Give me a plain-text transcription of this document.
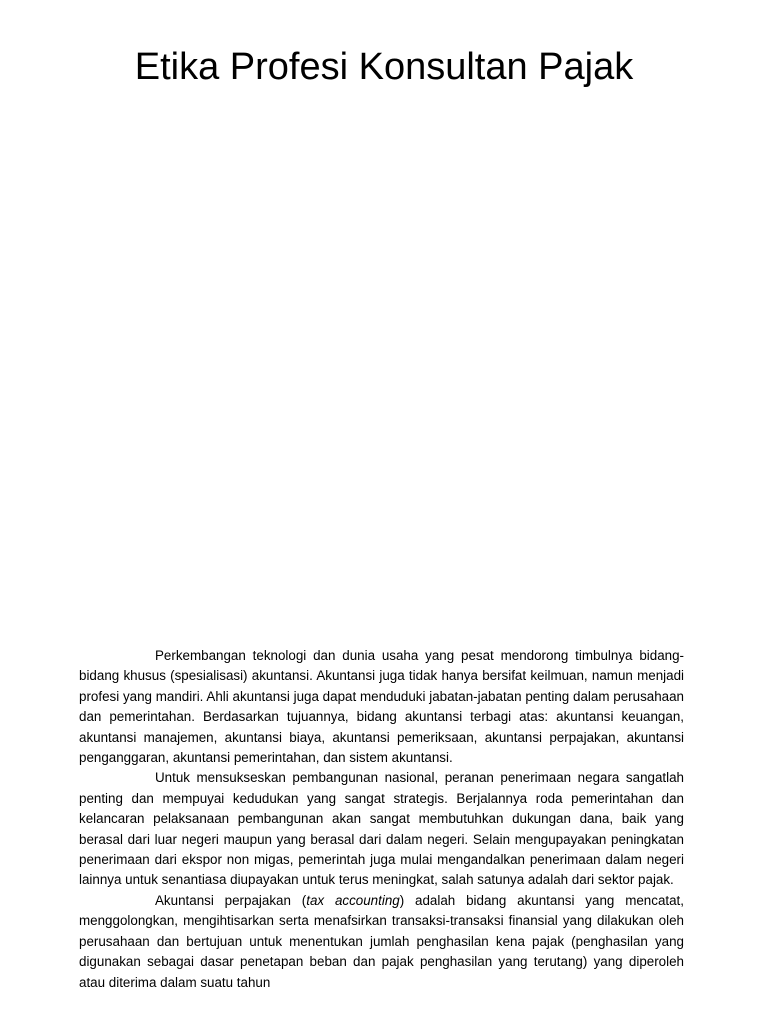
Etika Profesi Konsultan Pajak

Perkembangan teknologi dan dunia usaha yang pesat mendorong timbulnya bidang-bidang khusus (spesialisasi) akuntansi. Akuntansi juga tidak hanya bersifat keilmuan, namun menjadi profesi yang mandiri. Ahli akuntansi juga dapat menduduki jabatan-jabatan penting dalam perusahaan dan pemerintahan. Berdasarkan tujuannya, bidang akuntansi terbagi atas: akuntansi keuangan, akuntansi manajemen, akuntansi biaya, akuntansi pemeriksaan, akuntansi perpajakan, akuntansi penganggaran, akuntansi pemerintahan, dan sistem akuntansi.

Untuk mensukseskan pembangunan nasional, peranan penerimaan negara sangatlah penting dan mempuyai kedudukan yang sangat strategis. Berjalannya roda pemerintahan dan kelancaran pelaksanaan pembangunan akan sangat membutuhkan dukungan dana, baik yang berasal dari luar negeri maupun yang berasal dari dalam negeri. Selain mengupayakan peningkatan penerimaan dari ekspor non migas, pemerintah juga mulai mengandalkan penerimaan dalam negeri lainnya untuk senantiasa diupayakan untuk terus meningkat, salah satunya adalah dari sektor pajak.

Akuntansi perpajakan (tax accounting) adalah bidang akuntansi yang mencatat, menggolongkan, mengihtisarkan serta menafsirkan transaksi-transaksi finansial yang dilakukan oleh perusahaan dan bertujuan untuk menentukan jumlah penghasilan kena pajak (penghasilan yang digunakan sebagai dasar penetapan beban dan pajak penghasilan yang terutang) yang diperoleh atau diterima dalam suatu tahun
